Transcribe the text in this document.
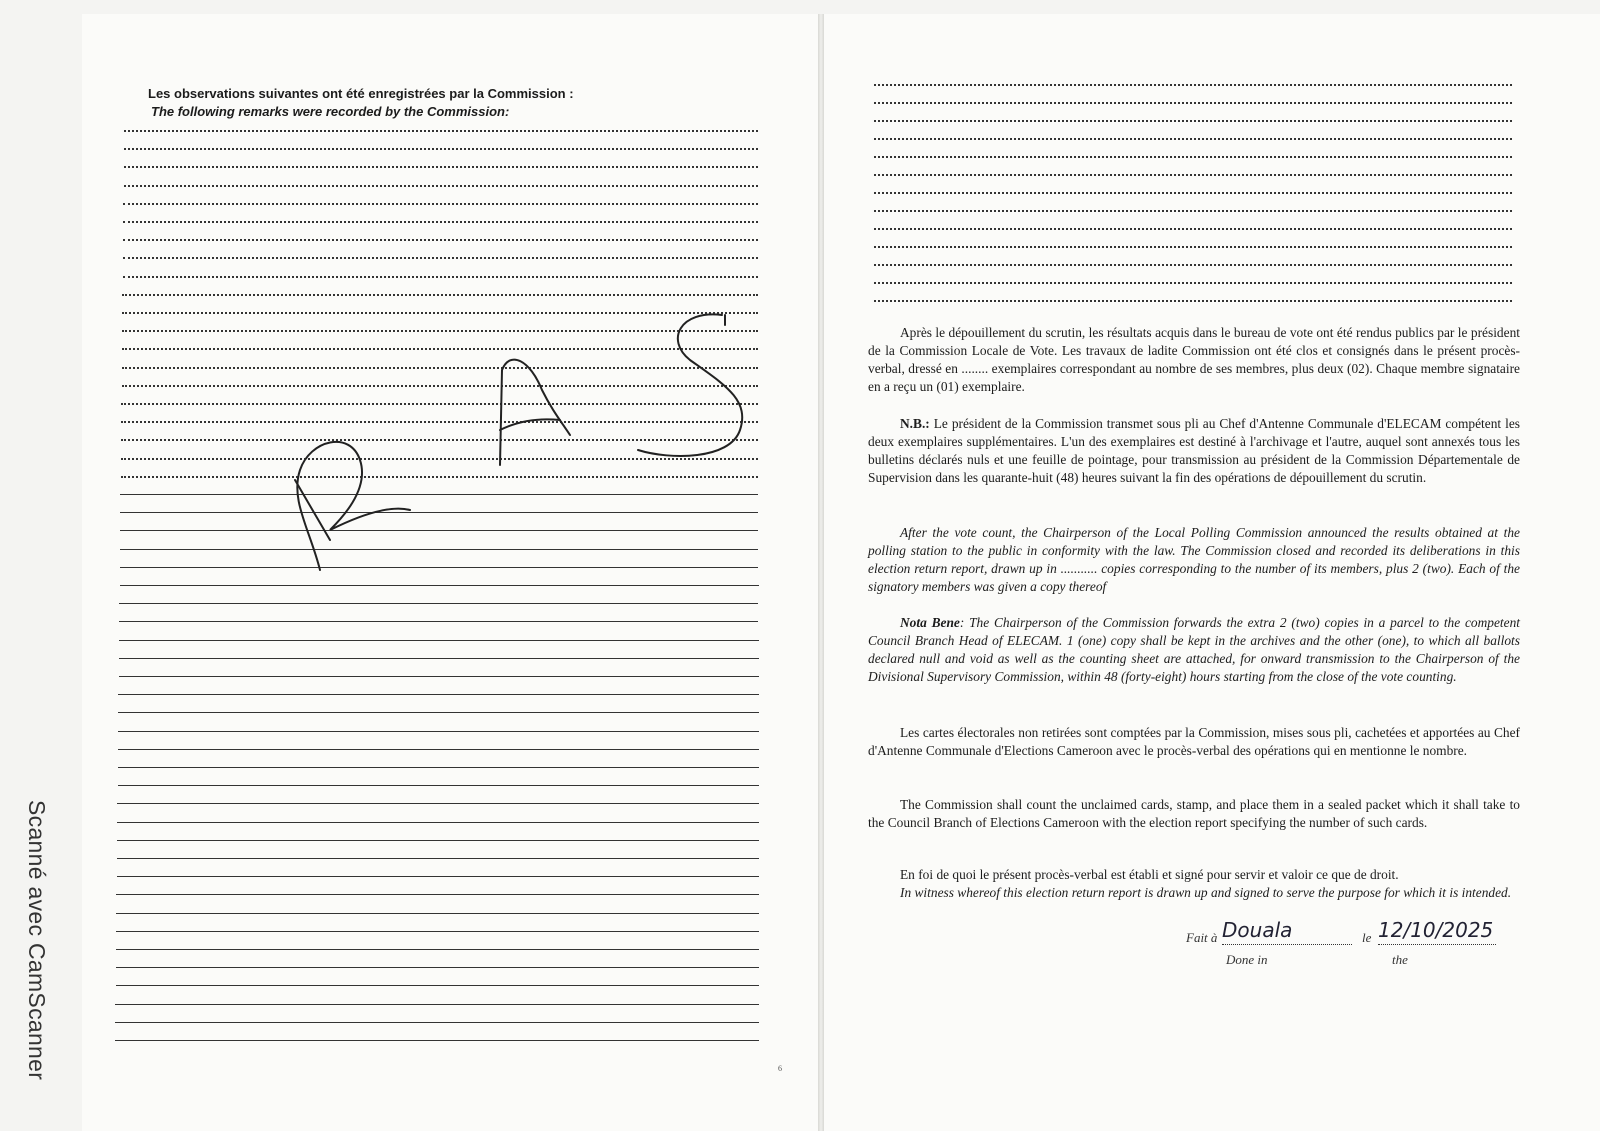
Scanné avec CamScanner
Les observations suivantes ont été enregistrées par la Commission :
The following remarks were recorded by the Commission:

Après le dépouillement du scrutin, les résultats acquis dans le bureau de vote ont été rendus publics par le président de la Commission Locale de Vote. Les travaux de ladite Commission ont été clos et consignés dans le présent procès-verbal, dressé en ........ exemplaires correspondant au nombre de ses membres, plus deux (02). Chaque membre signataire en a reçu un (01) exemplaire.

N.B.: Le président de la Commission transmet sous pli au Chef d'Antenne Communale d'ELECAM compétent les deux exemplaires supplémentaires. L'un des exemplaires est destiné à l'archivage et l'autre, auquel sont annexés tous les bulletins déclarés nuls et une feuille de pointage, pour transmission au président de la Commission Départementale de Supervision dans les quarante-huit (48) heures suivant la fin des opérations de dépouillement du scrutin.

After the vote count, the Chairperson of the Local Polling Commission announced the results obtained at the polling station to the public in conformity with the law. The Commission closed and recorded its deliberations in this election return report, drawn up in ........... copies corresponding to the number of its members, plus 2 (two). Each of the signatory members was given a copy thereof

Nota Bene: The Chairperson of the Commission forwards the extra 2 (two) copies in a parcel to the competent Council Branch Head of ELECAM. 1 (one) copy shall be kept in the archives and the other (one), to which all ballots declared null and void as well as the counting sheet are attached, for onward transmission to the Chairperson of the Divisional Supervisory Commission, within 48 (forty-eight) hours starting from the close of the vote counting.

Les cartes électorales non retirées sont comptées par la Commission, mises sous pli, cachetées et apportées au Chef d'Antenne Communale d'Elections Cameroon avec le procès-verbal des opérations qui en mentionne le nombre.

The Commission shall count the unclaimed cards, stamp, and place them in a sealed packet which it shall take to the Council Branch of Elections Cameroon with the election report specifying the number of such cards.

En foi de quoi le présent procès-verbal est établi et signé pour servir et valoir ce que de droit.

In witness whereof this election return report is drawn up and signed to serve the purpose for which it is intended.

Fait à Douala	le 12/10/2025
Done in	the
6
